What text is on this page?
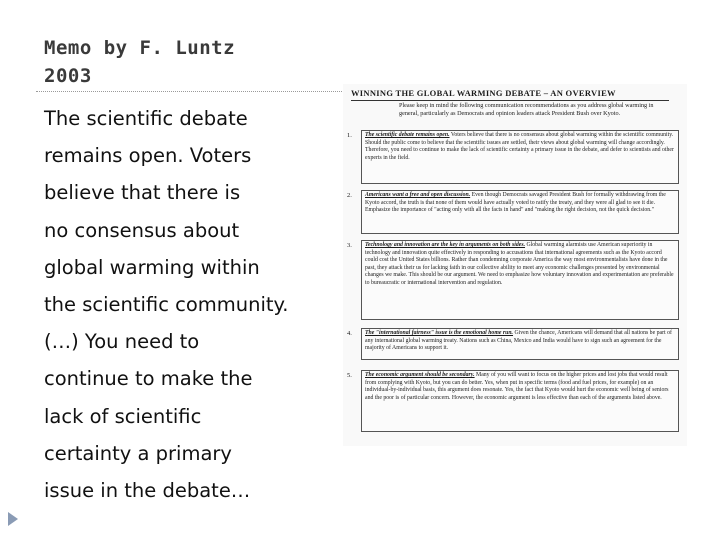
Memo by F. Luntz
2003
The scientific debate
remains open. Voters
believe that there is
no consensus about
global warming within
the scientific community.
(…) You need to
continue to make the
lack of scientific
certainty a primary
issue in the debate…
WINNING THE GLOBAL WARMING DEBATE – AN OVERVIEW
Please keep in mind the following communication recommendations as you address global warming in general, particularly as Democrats and opinion leaders attack President Bush over Kyoto.
1. The scientific debate remains open. Voters believe that there is no consensus about global warming within the scientific community. Should the public come to believe that the scientific issues are settled, their views about global warming will change accordingly. Therefore, you need to continue to make the lack of scientific certainty a primary issue in the debate, and defer to scientists and other experts in the field.
2. Americans want a free and open discussion. Even though Democrats savaged President Bush for formally withdrawing from the Kyoto accord, the truth is that none of them would have actually voted to ratify the treaty, and they were all glad to see it die. Emphasize the importance of "acting only with all the facts in hand" and "making the right decision, not the quick decision."
3. Technology and innovation are the key in arguments on both sides. Global warming alarmists use American superiority in technology and innovation quite effectively in responding to accusations that international agreements such as the Kyoto accord could cost the United States billions. Rather than condemning corporate America the way most environmentalists have done in the past, they attack their us for lacking faith in our collective ability to meet any economic challenges presented by environmental changes we make. This should be our argument. We need to emphasize how voluntary innovation and experimentation are preferable to bureaucratic or international intervention and regulation.
4. The "international fairness" issue is the emotional home run. Given the chance, Americans will demand that all nations be part of any international global warming treaty. Nations such as China, Mexico and India would have to sign such an agreement for the majority of Americans to support it.
5. The economic argument should be secondary. Many of you will want to focus on the higher prices and lost jobs that would result from complying with Kyoto, but you can do better. Yes, when put in specific terms (food and fuel prices, for example) on an individual-by-individual basis, this argument does resonate. Yes, the fact that Kyoto would hurt the economic well being of seniors and the poor is of particular concern. However, the economic argument is less effective than each of the arguments listed above.
